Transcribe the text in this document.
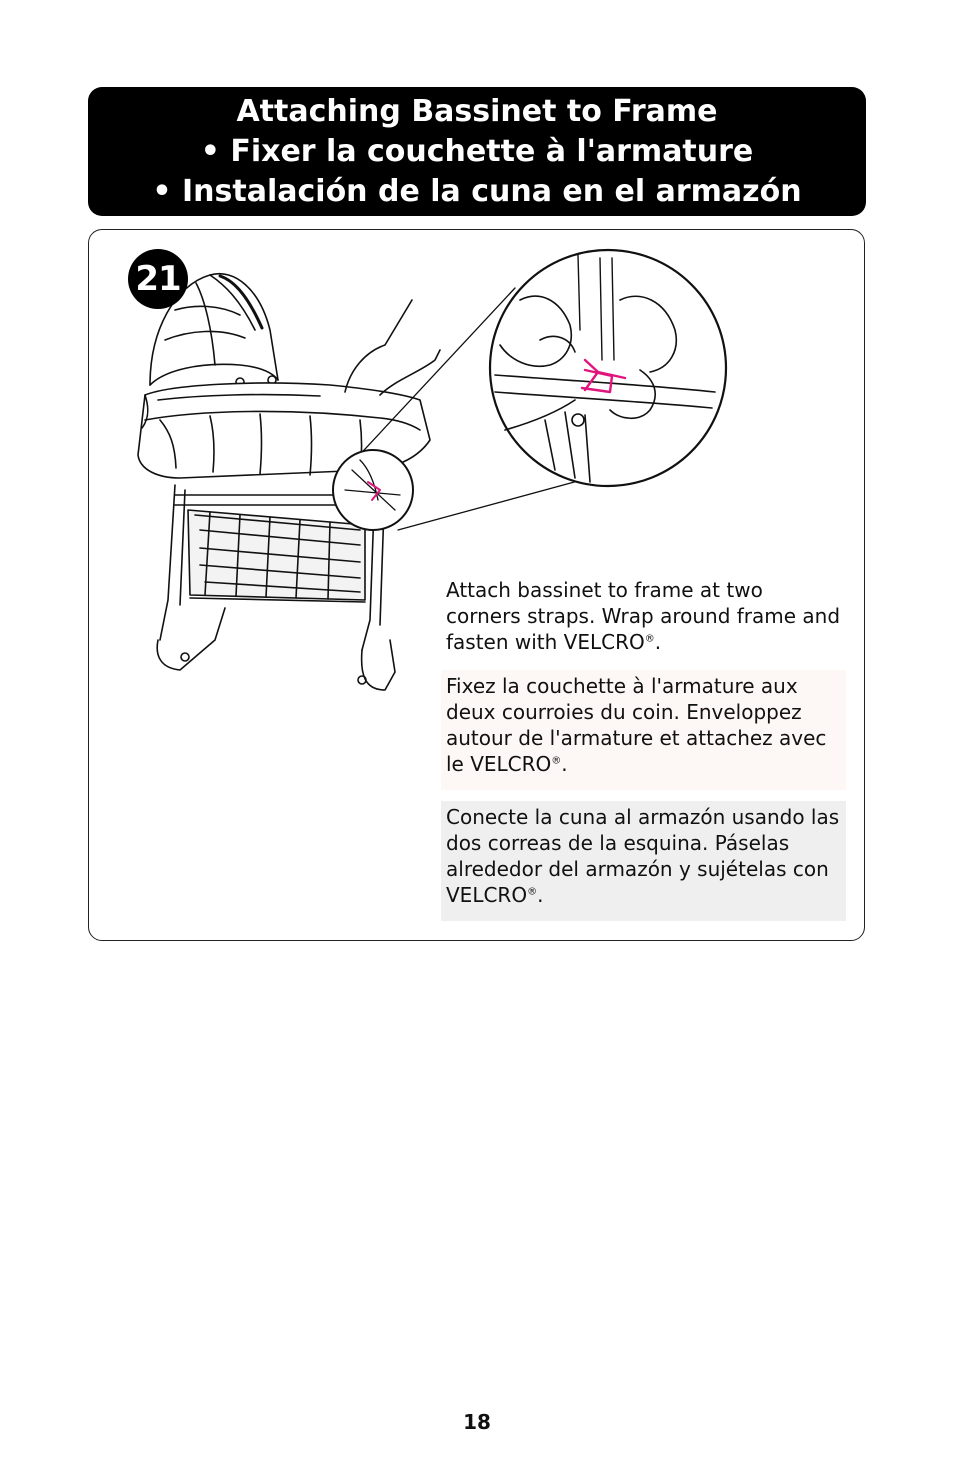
Attaching Bassinet to Frame
• Fixer la couchette à l'armature
• Instalación de la cuna en el armazón
21
Attach bassinet to frame at two corners straps. Wrap around frame and fasten with VELCRO®.
Fixez la couchette à l'armature aux deux courroies du coin. Enveloppez autour de l'armature et attachez avec le VELCRO®.
Conecte la cuna al armazón usando las dos correas de la esquina. Páselas alrededor del armazón y sujételas con VELCRO®.
18
